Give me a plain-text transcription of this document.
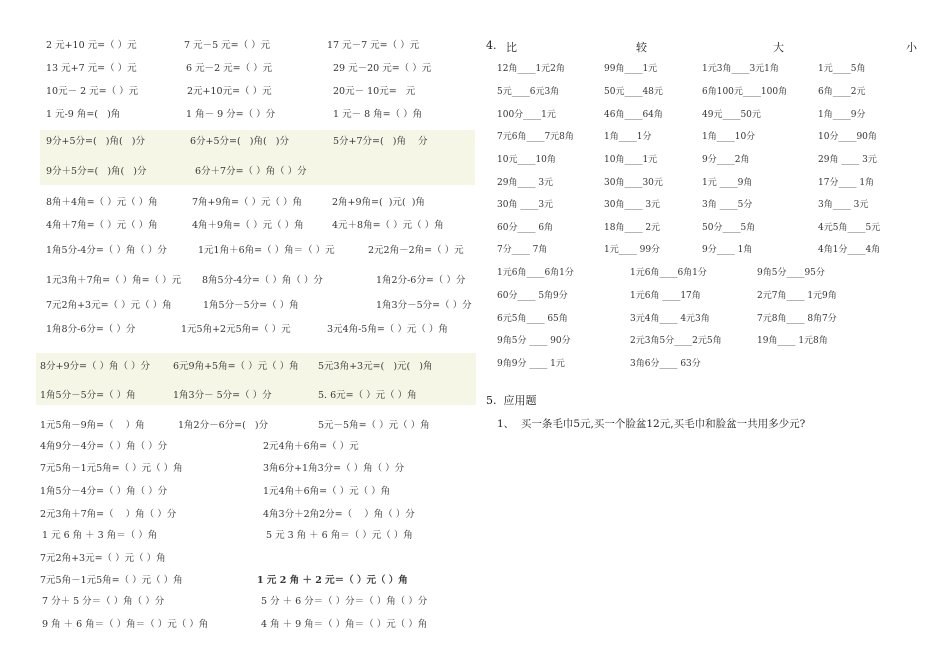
2 元+10 元=（ ）元	7 元－5 元=（ ）元	17 元－7 元=（ ）元
13 元+7 元=（ ）元	6 元－2 元=（ ）元	29 元－20 元=（ ）元
10元－ 2 元=（ ）元	2元+10元=（ ）元	20元－ 10元=   元
1 元-9 角=(   )角	1 角－ 9 分=（ ）分	1 元－ 8 角=（ ）角
9分+5分=(   )角(   )分	6分+5分=(   )角(   )分	5分+7分=(   )角    分
9分＋5分=(   )角(   )分	6分＋7分=（ ）角（ ）分
8角＋4角=（ ）元（ ）角	7角+9角=（ ）元（ ）角	2角+9角=(  )元(  )角
4角＋7角=（ ）元（ ）角	4角＋9角=（ ）元（ ）角	4元＋8角=（ ）元（ ）角
1角5分-4分=（ ）角（ ）分	1元1角＋6角=（ ）角＝（ ）元	2元2角－2角=（ ）元
1元3角＋7角=（ ）角=（ ）元 8角5分-4分=（ ）角（ ）分	1角2分-6分=（ ）分
7元2角+3元=（ ）元（ ）角	1角5分－5分=（ ）角	1角3分－5分=（ ）分
1角8分-6分=（ ）分	1元5角+2元5角=（ ）元	3元4角-5角=（ ）元（ ）角
8分+9分=（ ）角（ ）分 6元9角+5角=（ ）元（ ）角 5元3角+3元=(   )元(   )角
1角5分－5分=（ ）角	1角3分－ 5分=（ ）分	5. 6元=（ ）元（ ）角
1元5角－9角=（    ）角	1角2分－6分=(   )分	5元－5角=（ ）元（ ）角
4角9分－4分=（ ）角（ ）分	2元4角＋6角=（ ）元
7元5角－1元5角=（ ）元（ ）角	3角6分+1角3分=（ ）角（ ）分
1角5分－4分=（ ）角（ ）分	1元4角＋6角=（ ）元（ ）角
2元3角＋7角=（    ）角（ ）分	4角3分＋2角2分=（    ）角（ ）分
1 元 6 角 ＋ 3 角＝（ ）角	5 元 3 角 ＋ 6 角＝（ ）元（ ）角
7元2角+3元=（ ）元（ ）角
7元5角－1元5角=（ ）元（ ）角	1 元 2 角 ＋ 2 元＝（ ）元（ ）角
7 分＋ 5 分＝（ ）角（ ）分	5 分 ＋ 6 分＝（ ）分＝（ ）角（ ）分
9 角 ＋ 6 角＝（ ）角＝（ ）元（ ）角	4 角 ＋ 9 角＝（ ）角＝（ ）元（ ）角

4.

比

	较

	大

	小

12角____1元2角	99角____1元	1元3角____3元1角	1元____5角
5元____6元3角	50元____48元	6角100元____100角	6角____2元
100分____1元	46角____64角	49元____50元	1角____9分
7元6角____7元8角	1角____1分	1角____10分	10分____90角
10元____10角	10角____1元	9分____2角	29角 ____ 3元
29角____ 3元	30角____30元	1元 ____9角	17分____ 1角
30角 ____3元	30角____ 3元	3角 ____5分	3角____ 3元
60分____ 6角	18角____ 2元	50分____5角	4元5角____5元
7分____ 7角	1元____ 99分	9分____ 1角	4角1分____4角
1元6角____6角1分	1元6角____6角1分	9角5分____95分
60分____ 5角9分	1元6角 ____17角	2元7角____ 1元9角
6元5角____ 65角	3元4角____ 4元3角	7元8角____ 8角7分
9角5分 ____ 90分	2元3角5分____2元5角	19角____ 1元8角
9角9分 ____ 1元	3角6分____ 63分
5.  应用题
1、  买一条毛巾5元,买一个脸盆12元,买毛巾和脸盆一共用多少元?
